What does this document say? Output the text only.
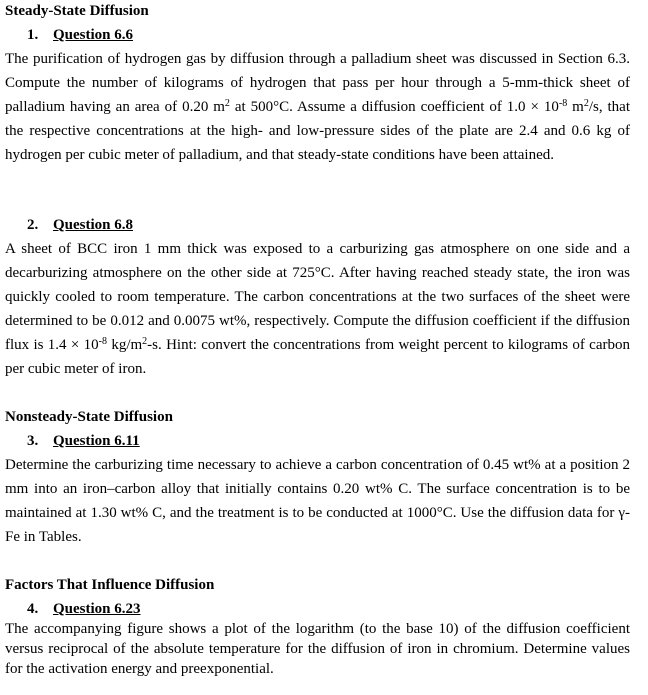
Steady-State Diffusion
1. Question 6.6
The purification of hydrogen gas by diffusion through a palladium sheet was discussed in Section 6.3. Compute the number of kilograms of hydrogen that pass per hour through a 5-mm-thick sheet of palladium having an area of 0.20 $m^2$ at 500°C. Assume a diffusion coefficient of $1.0 \times 10^{-8}$ $m^2/s$, that the respective concentrations at the high- and low-pressure sides of the plate are 2.4 and 0.6 kg of hydrogen per cubic meter of palladium, and that steady-state conditions have been attained.
2. Question 6.8
A sheet of BCC iron 1 mm thick was exposed to a carburizing gas atmosphere on one side and a decarburizing atmosphere on the other side at 725°C. After having reached steady state, the iron was quickly cooled to room temperature. The carbon concentrations at the two surfaces of the sheet were determined to be 0.012 and 0.0075 wt%, respectively. Compute the diffusion coefficient if the diffusion flux is $1.4 \times 10^{-8}$ $kg/m^2-s$. Hint: convert the concentrations from weight percent to kilograms of carbon per cubic meter of iron.
Nonsteady-State Diffusion
3. Question 6.11
Determine the carburizing time necessary to achieve a carbon concentration of 0.45 wt% at a position 2 mm into an iron–carbon alloy that initially contains 0.20 wt% C. The surface concentration is to be maintained at 1.30 wt% C, and the treatment is to be conducted at 1000°C. Use the diffusion data for γ-Fe in Tables.
Factors That Influence Diffusion
4. Question 6.23
The accompanying figure shows a plot of the logarithm (to the base 10) of the diffusion coefficient versus reciprocal of the absolute temperature for the diffusion of iron in chromium. Determine values for the activation energy and preexponential.
